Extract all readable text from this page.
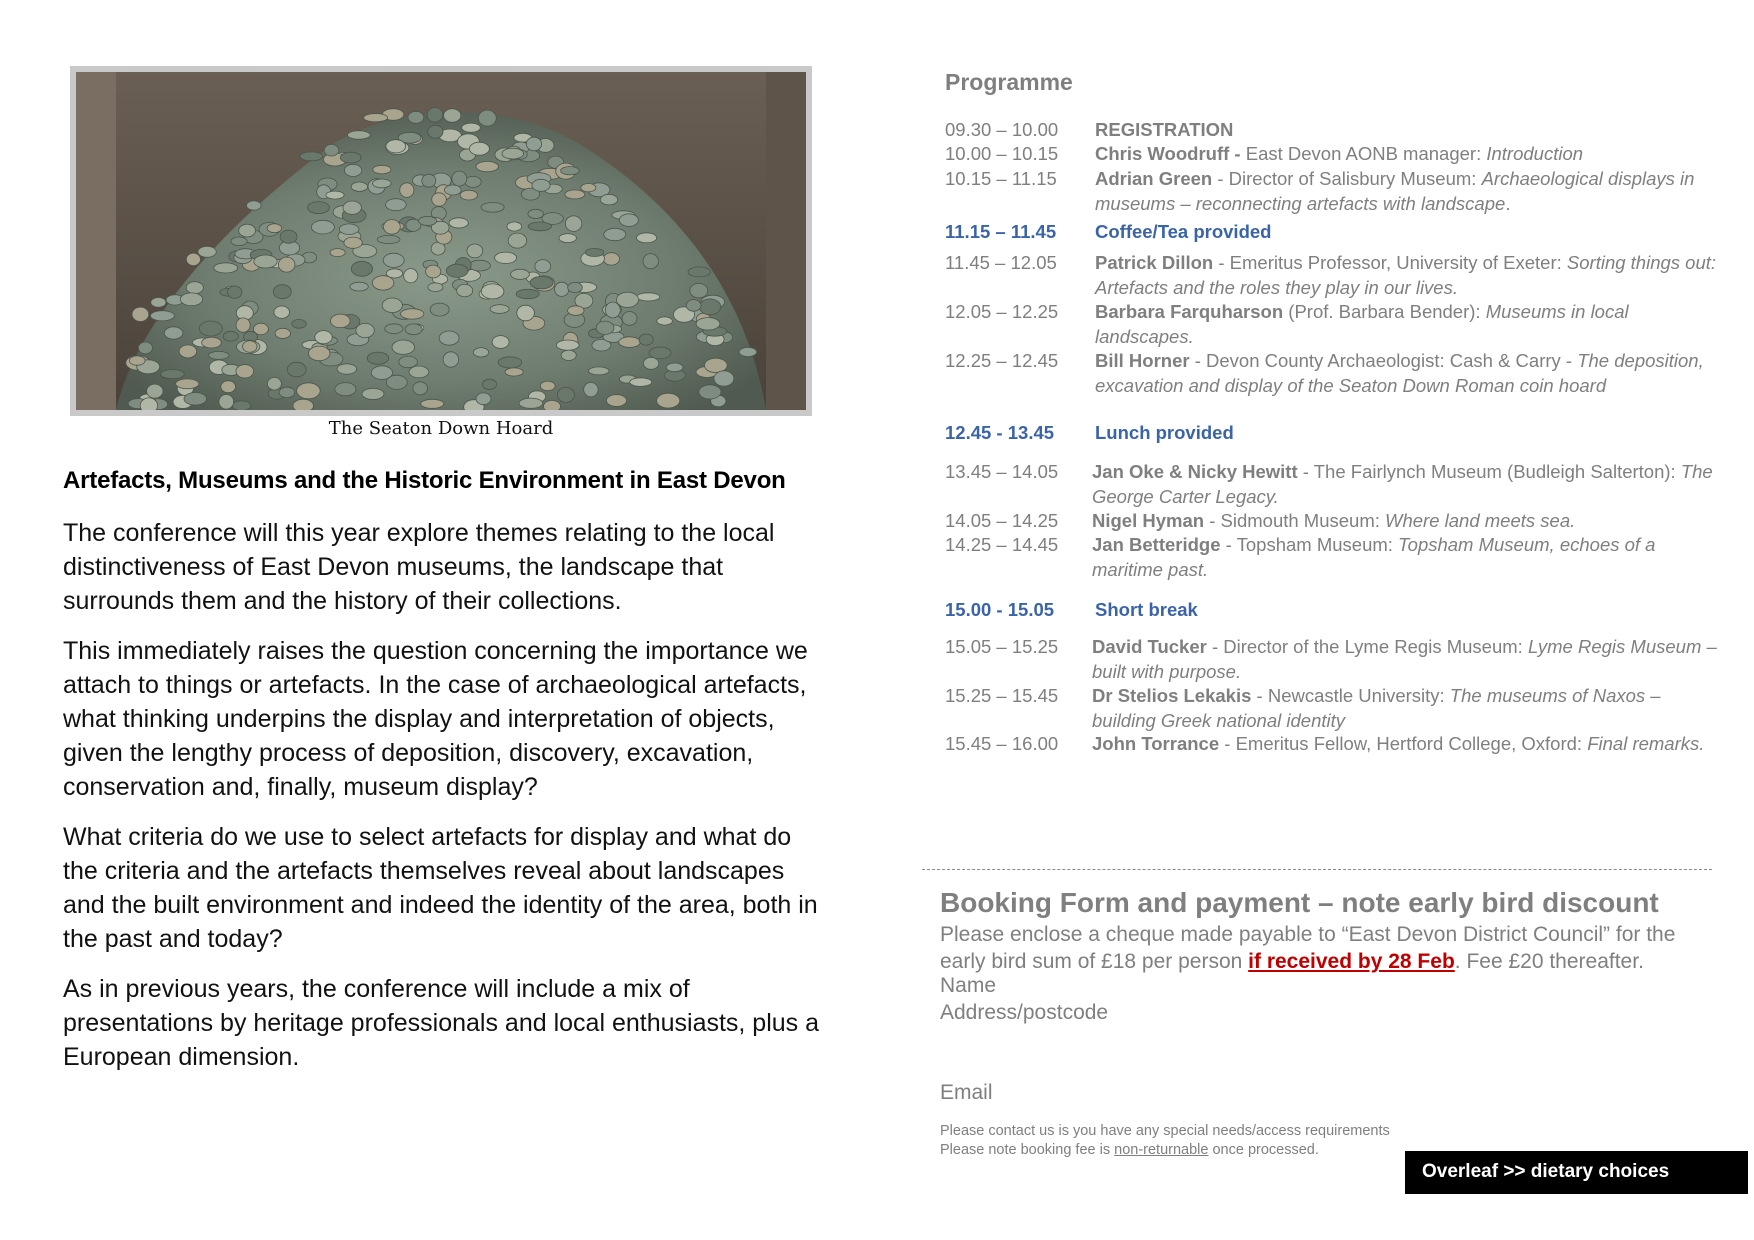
The Seaton Down Hoard
Artefacts, Museums and the Historic Environment in East Devon

The conference will this year explore themes relating to the local distinctiveness of East Devon museums, the landscape that surrounds them and the history of their collections.

This immediately raises the question concerning the importance we attach to things or artefacts. In the case of archaeological artefacts, what thinking underpins the display and interpretation of objects, given the lengthy process of deposition, discovery, excavation, conservation and, finally, museum display?

What criteria do we use to select artefacts for display and what do the criteria and the artefacts themselves reveal about landscapes and the built environment and indeed the identity of the area, both in the past and today?

As in previous years, the conference will include a mix of presentations by heritage professionals and local enthusiasts, plus a European dimension.

Programme
09.30 – 10.00 REGISTRATION
10.00 – 10.15 Chris Woodruff - East Devon AONB manager: Introduction
10.15 – 11.15 Adrian Green - Director of Salisbury Museum: Archaeological displays in museums – reconnecting artefacts with landscape.
11.15 – 11.45 Coffee/Tea provided
11.45 – 12.05 Patrick Dillon - Emeritus Professor, University of Exeter: Sorting things out: Artefacts and the roles they play in our lives.
12.05 – 12.25 Barbara Farquharson (Prof. Barbara Bender): Museums in local landscapes.
12.25 – 12.45 Bill Horner - Devon County Archaeologist: Cash & Carry - The deposition, excavation and display of the Seaton Down Roman coin hoard
12.45 - 13.45 Lunch provided
13.45 – 14.05 Jan Oke & Nicky Hewitt - The Fairlynch Museum (Budleigh Salterton): The George Carter Legacy.
14.05 – 14.25 Nigel Hyman - Sidmouth Museum: Where land meets sea.
14.25 – 14.45 Jan Betteridge - Topsham Museum: Topsham Museum, echoes of a maritime past.
15.00 - 15.05 Short break
15.05 – 15.25 David Tucker - Director of the Lyme Regis Museum: Lyme Regis Museum – built with purpose.
15.25 – 15.45 Dr Stelios Lekakis - Newcastle University: The museums of Naxos – building Greek national identity
15.45 – 16.00 John Torrance - Emeritus Fellow, Hertford College, Oxford: Final remarks.
Booking Form and payment – note early bird discount
Please enclose a cheque made payable to “East Devon District Council” for the
early bird sum of £18 per person if received by 28 Feb. Fee £20 thereafter.
Name
Address/postcode
Email
Please contact us is you have any special needs/access requirements
Please note booking fee is non-returnable once processed.
Overleaf >> dietary choices
